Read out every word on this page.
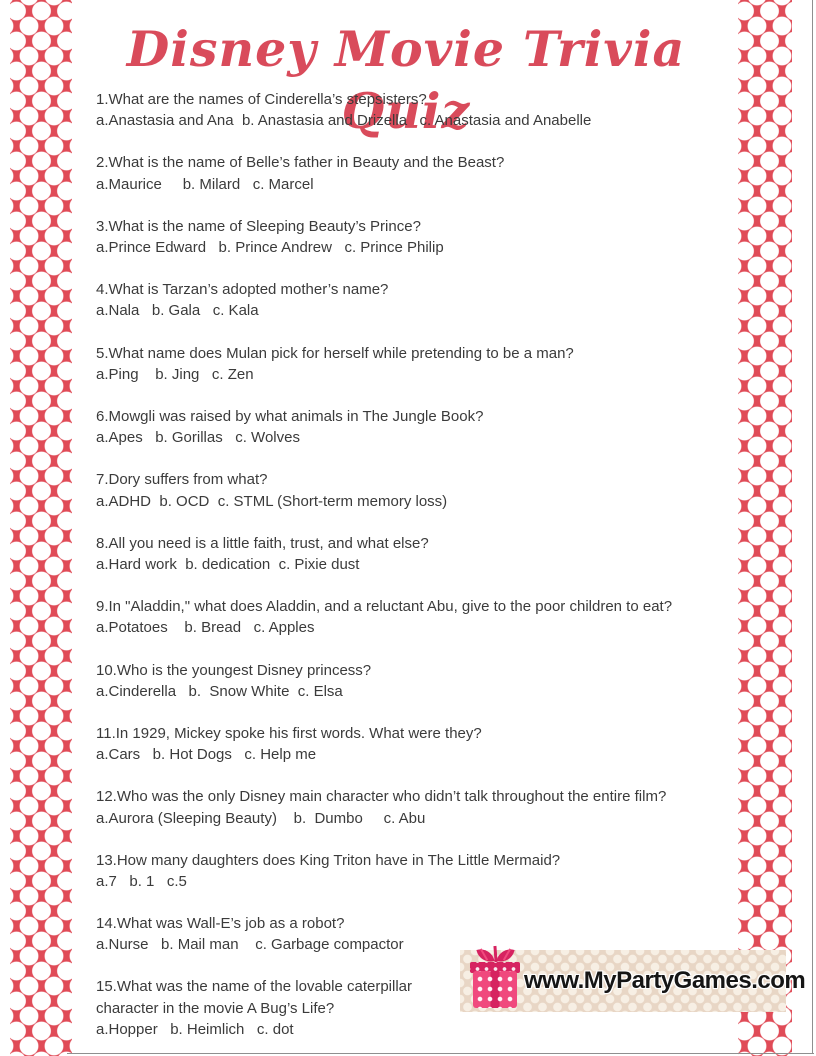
Disney Movie Trivia Quiz
1.What are the names of Cinderella’s stepsisters?
a.Anastasia and Ana  b. Anastasia and Drizella   c. Anastasia and Anabelle
2.What is the name of Belle’s father in Beauty and the Beast?
a.Maurice     b. Milard   c. Marcel
3.What is the name of Sleeping Beauty’s Prince?
a.Prince Edward   b. Prince Andrew   c. Prince Philip
4.What is Tarzan’s adopted mother’s name?
a.Nala   b. Gala   c. Kala
5.What name does Mulan pick for herself while pretending to be a man?
a.Ping    b. Jing   c. Zen
6.Mowgli was raised by what animals in The Jungle Book?
a.Apes   b. Gorillas   c. Wolves
7.Dory suffers from what?
a.ADHD  b. OCD  c. STML (Short-term memory loss)
8.All you need is a little faith, trust, and what else?
a.Hard work  b. dedication  c. Pixie dust
9.In "Aladdin," what does Aladdin, and a reluctant Abu, give to the poor children to eat?
a.Potatoes    b. Bread   c. Apples
10.Who is the youngest Disney princess?
a.Cinderella   b.  Snow White  c. Elsa
11.In 1929, Mickey spoke his first words. What were they?
a.Cars   b. Hot Dogs   c. Help me
12.Who was the only Disney main character who didn’t talk throughout the entire film?
a.Aurora (Sleeping Beauty)    b.  Dumbo     c. Abu
13.How many daughters does King Triton have in The Little Mermaid?
a.7   b. 1   c.5
14.What was Wall-E’s job as a robot?
a.Nurse   b. Mail man    c. Garbage compactor
15.What was the name of the lovable caterpillar character in the movie A Bug’s Life?
a.Hopper   b. Heimlich   c. dot
www.MyPartyGames.com
